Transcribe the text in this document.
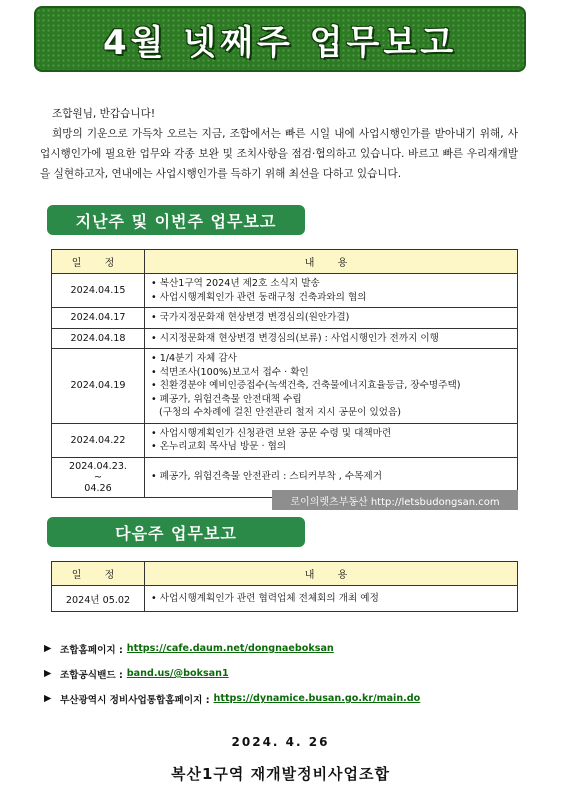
4월 넷째주 업무보고

조합원님, 반갑습니다!

희망의 기운으로 가득차 오르는 지금, 조합에서는 빠른 시일 내에 사업시행인가를 받아내기 위해, 사업시행인가에 필요한 업무와 각종 보완 및 조치사항을 점검·협의하고 있습니다. 바르고 빠른 우리재개발을 실현하고자, 연내에는 사업시행인가를 득하기 위해 최선을 다하고 있습니다.

지난주 및 이번주 업무보고
일 정	내 용
2024.04.15	• 복산1구역 2024년 제2호 소식지 발송
• 사업시행계획인가 관련 동래구청 건축과와의 협의

2024.04.17	• 국가지정문화재 현상변경 변경심의(원안가결)

2024.04.18	• 시지정문화재 현상변경 변경심의(보류) : 사업시행인가 전까지 이행

2024.04.19	• 1/4분기 자체 감사
• 석면조사(100%)보고서 접수 · 확인
• 친환경분야 예비인증접수(녹색건축, 건축물에너지효율등급, 장수명주택)
• 폐공가, 위험건축물 안전대책 수립
(구청의 수차례에 걸친 안전관리 철저 지시 공문이 있었음)

2024.04.22	• 사업시행계획인가 신청관련 보완 공문 수령 및 대책마련
• 온누리교회 목사님 방문 · 협의

2024.04.23.
~
04.26	• 폐공가, 위험건축물 안전관리 : 스티커부착 , 수목제거
로이의렛츠부동산 http://letsbudongsan.com
다음주 업무보고
일 정	내 용
2024년 05.02	• 사업시행계획인가 관련 협력업체 전체회의 개최 예정
▶ 조합홈페이지 : https://cafe.daum.net/dongnaeboksan
▶ 조합공식밴드 : band.us/@boksan1
▶ 부산광역시 정비사업통합홈페이지 : https://dynamice.busan.go.kr/main.do
2024. 4. 26
복산1구역 재개발정비사업조합
